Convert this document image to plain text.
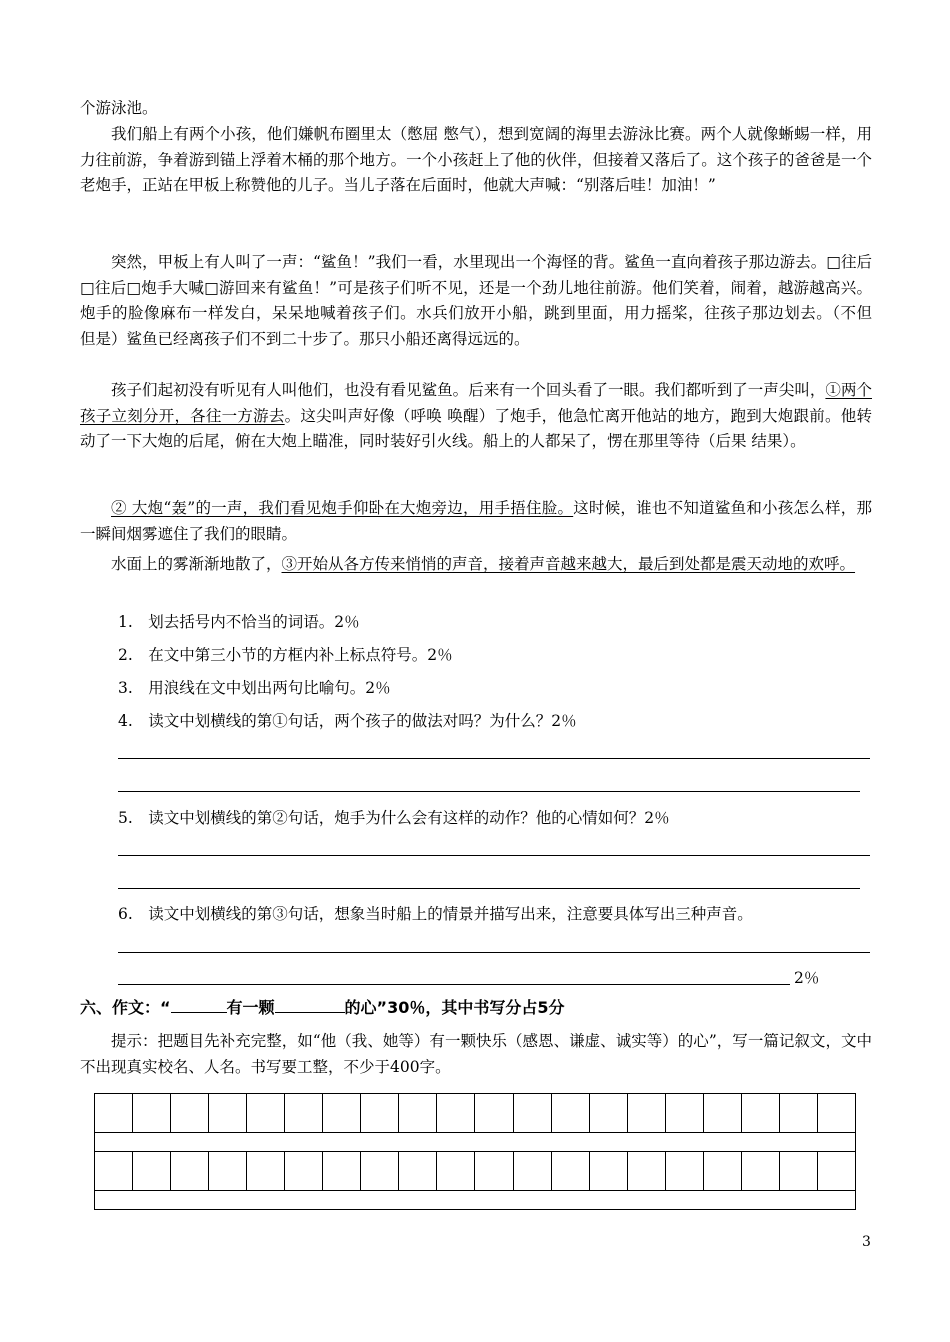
个游泳池。

我们船上有两个小孩，他们嫌帆布圈里太（憋屈 憋气），想到宽阔的海里去游泳比赛。两个人就像蜥蜴一样，用力往前游，争着游到锚上浮着木桶的那个地方。一个小孩赶上了他的伙伴，但接着又落后了。这个孩子的爸爸是一个老炮手，正站在甲板上称赞他的儿子。当儿子落在后面时，他就大声喊：“别落后哇！加油！”

突然，甲板上有人叫了一声：“鲨鱼！”我们一看，水里现出一个海怪的背。鲨鱼一直向着孩子那边游去。□往后□往后□炮手大喊□游回来有鲨鱼！”可是孩子们听不见，还是一个劲儿地往前游。他们笑着，闹着，越游越高兴。炮手的脸像麻布一样发白，呆呆地喊着孩子们。水兵们放开小船，跳到里面，用力摇桨，往孩子那边划去。（不但　但是）鲨鱼已经离孩子们不到二十步了。那只小船还离得远远的。

孩子们起初没有听见有人叫他们，也没有看见鲨鱼。后来有一个回头看了一眼。我们都听到了一声尖叫，①两个孩子立刻分开，各往一方游去。这尖叫声好像（呼唤 唤醒）了炮手，他急忙离开他站的地方，跑到大炮跟前。他转动了一下大炮的后尾，俯在大炮上瞄准，同时装好引火线。船上的人都呆了，愣在那里等待（后果 结果）。

② 大炮“轰”的一声，我们看见炮手仰卧在大炮旁边，用手捂住脸。这时候，谁也不知道鲨鱼和小孩怎么样，那一瞬间烟雾遮住了我们的眼睛。

水面上的雾渐渐地散了，③开始从各方传来悄悄的声音，接着声音越来越大，最后到处都是震天动地的欢呼。

1.　划去括号内不恰当的词语。2％
2.　在文中第三小节的方框内补上标点符号。2％
3.　用浪线在文中划出两句比喻句。2％
4.　读文中划横线的第①句话，两个孩子的做法对吗？为什么？2％
5.　读文中划横线的第②句话，炮手为什么会有这样的动作？他的心情如何？2％
6.　读文中划横线的第③句话，想象当时船上的情景并描写出来，注意要具体写出三种声音。
2％
六、作文：“	有一颗	的心”30％，其中书写分占5分

提示：把题目先补充完整，如“他（我、她等）有一颗快乐（感恩、谦虚、诚实等）的心”，写一篇记叙文，文中不出现真实校名、人名。书写要工整，不少于400字。

3
